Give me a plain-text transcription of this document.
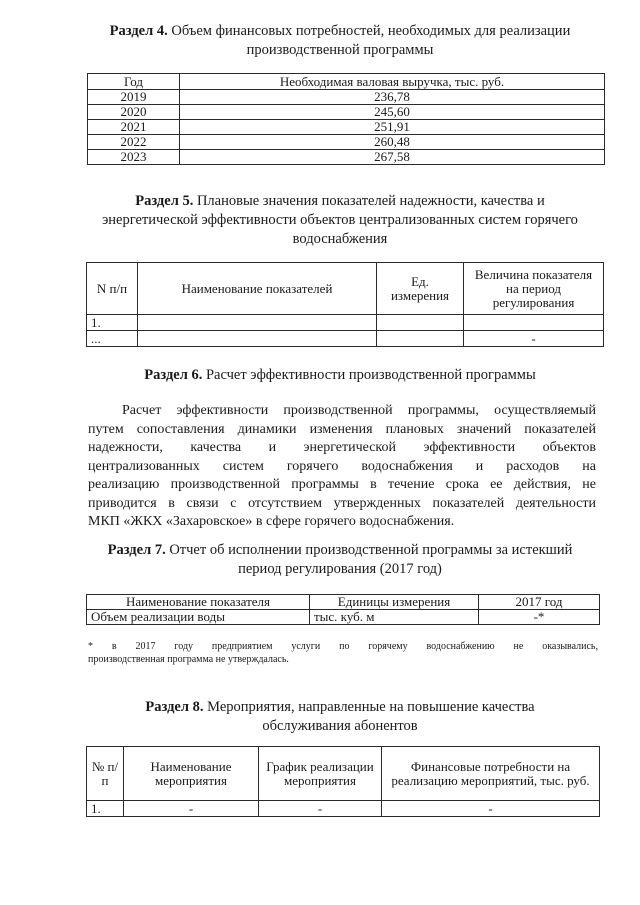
Раздел 4. Объем финансовых потребностей, необходимых для реализации
производственной программы
Год	Необходимая валовая выручка, тыс. руб.
2019	236,78
2020	245,60
2021	251,91
2022	260,48
2023	267,58
Раздел 5. Плановые значения показателей надежности, качества и
энергетической эффективности объектов централизованных систем горячего
водоснабжения
N п/п	Наименование показателей	Ед. измерения	Величина показателя на период регулирования
1.			
...			-
Раздел 6. Расчет эффективности производственной программы
Расчет эффективности производственной программы, осуществляемый
путем сопоставления динамики изменения плановых значений показателей
надежности, качества и энергетической эффективности объектов
централизованных систем горячего водоснабжения и расходов на
реализацию производственной программы в течение срока ее действия, не
приводится в связи с отсутствием утвержденных показателей деятельности
МКП «ЖКХ «Захаровское» в сфере горячего водоснабжения.
Раздел 7. Отчет об исполнении производственной программы за истекший
период регулирования (2017 год)
Наименование показателя	Единицы измерения	2017 год
Объем реализации воды	тыс. куб. м	-*
* в 2017 году предприятием услуги по горячему водоснабжению не оказывались,
производственная программа не утверждалась.
Раздел 8. Мероприятия, направленные на повышение качества
обслуживания абонентов
№ п/п	Наименование мероприятия	График реализации мероприятия	Финансовые потребности на реализацию мероприятий, тыс. руб.
1.	-	-	-
